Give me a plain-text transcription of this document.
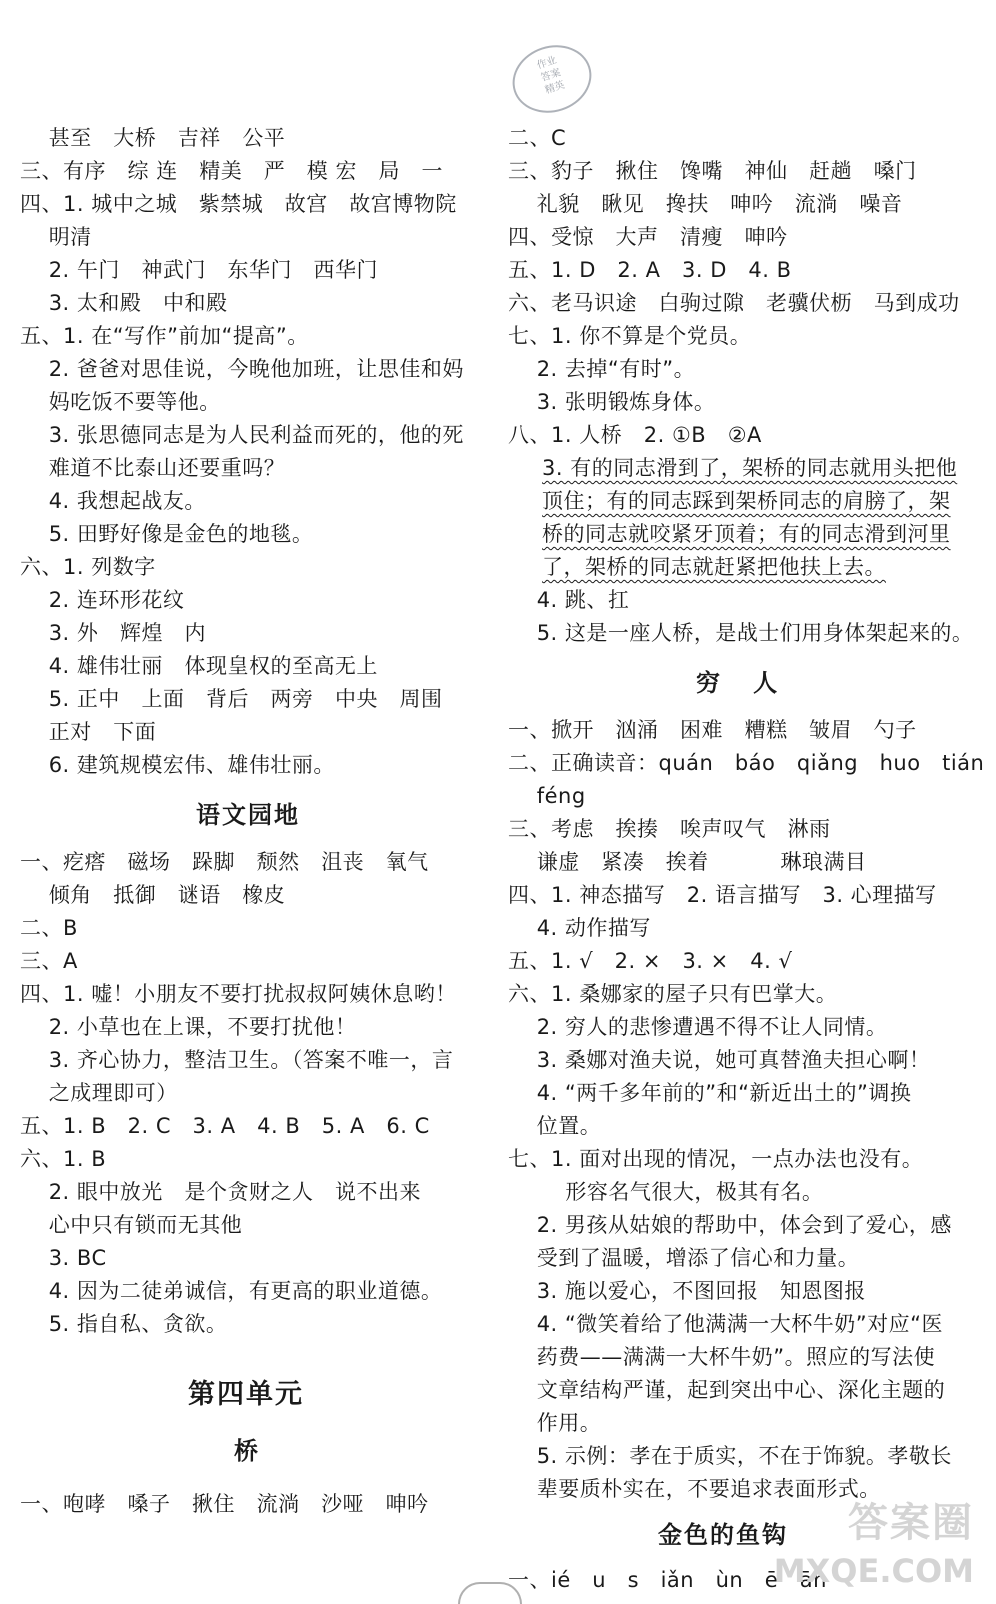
作业
答案
精英
甚至   大桥   吉祥   公平
三、有序   综 连   精美   严   模 宏   局   一
四、1. 城中之城   紫禁城   故宫   故宫博物院
明清
2. 午门   神武门   东华门   西华门
3. 太和殿   中和殿
五、1. 在“写作”前加“提高”。
2. 爸爸对思佳说，今晚他加班，让思佳和妈
妈吃饭不要等他。
3. 张思德同志是为人民利益而死的，他的死
难道不比泰山还要重吗？
4. 我想起战友。
5. 田野好像是金色的地毯。
六、1. 列数字
2. 连环形花纹
3. 外   辉煌   内
4. 雄伟壮丽   体现皇权的至高无上
5. 正中   上面   背后   两旁   中央   周围
正对   下面
6. 建筑规模宏伟、雄伟壮丽。
语文园地
一、疙瘩   磁场   跺脚   颓然   沮丧   氧气
倾角   抵御   谜语   橡皮
二、B
三、A
四、1. 嘘！小朋友不要打扰叔叔阿姨休息哟！
2. 小草也在上课，不要打扰他！
3. 齐心协力，整洁卫生。（答案不唯一，言
之成理即可）
五、1. B   2. C   3. A   4. B   5. A   6. C
六、1. B
2. 眼中放光   是个贪财之人   说不出来
心中只有锁而无其他
3. BC
4. 因为二徒弟诚信，有更高的职业道德。
5. 指自私、贪欲。
第四单元
桥
一、咆哮   嗓子   揪住   流淌   沙哑   呻吟
二、C
三、豹子   揪住   馋嘴   神仙   赶趟   嗓门
礼貌   瞅见   搀扶   呻吟   流淌   噪音
四、受惊   大声   清瘦   呻吟
五、1. D   2. A   3. D   4. B
六、老马识途   白驹过隙   老骥伏枥   马到成功
七、1. 你不算是个党员。
2. 去掉“有时”。
3. 张明锻炼身体。
八、1. 人桥   2. ①B   ②A
3. 有的同志滑到了，架桥的同志就用头把他
顶住；有的同志踩到架桥同志的肩膀了，架
桥的同志就咬紧牙顶着；有的同志滑到河里
了，架桥的同志就赶紧把他扶上去。
4. 跳、扛
5. 这是一座人桥，是战士们用身体架起来的。
穷   人
一、掀开   汹涌   困难   糟糕   皱眉   勺子
二、正确读音：quán   báo   qiǎng   huo   tián
féng
三、考虑   挨揍   唉声叹气   淋雨
谦虚   紧凑   挨着          琳琅满目
四、1. 神态描写   2. 语言描写   3. 心理描写
4. 动作描写
五、1. √   2. ×   3. ×   4. √
六、1. 桑娜家的屋子只有巴掌大。
2. 穷人的悲惨遭遇不得不让人同情。
3. 桑娜对渔夫说，她可真替渔夫担心啊！
4. “两千多年前的”和“新近出土的”调换
位置。
七、1. 面对出现的情况，一点办法也没有。
形容名气很大，极其有名。
2. 男孩从姑娘的帮助中，体会到了爱心，感
受到了温暖，增添了信心和力量。
3. 施以爱心，不图回报   知恩图报
4. “微笑着给了他满满一大杯牛奶”对应“医
药费——满满一大杯牛奶”。照应的写法使
文章结构严谨，起到突出中心、深化主题的
作用。
5. 示例：孝在于质实，不在于饰貌。孝敬长
辈要质朴实在，不要追求表面形式。
金色的鱼钩
一、ié   u   s   iǎn   ùn   ē   ān
答案圈
MXQE.COM
